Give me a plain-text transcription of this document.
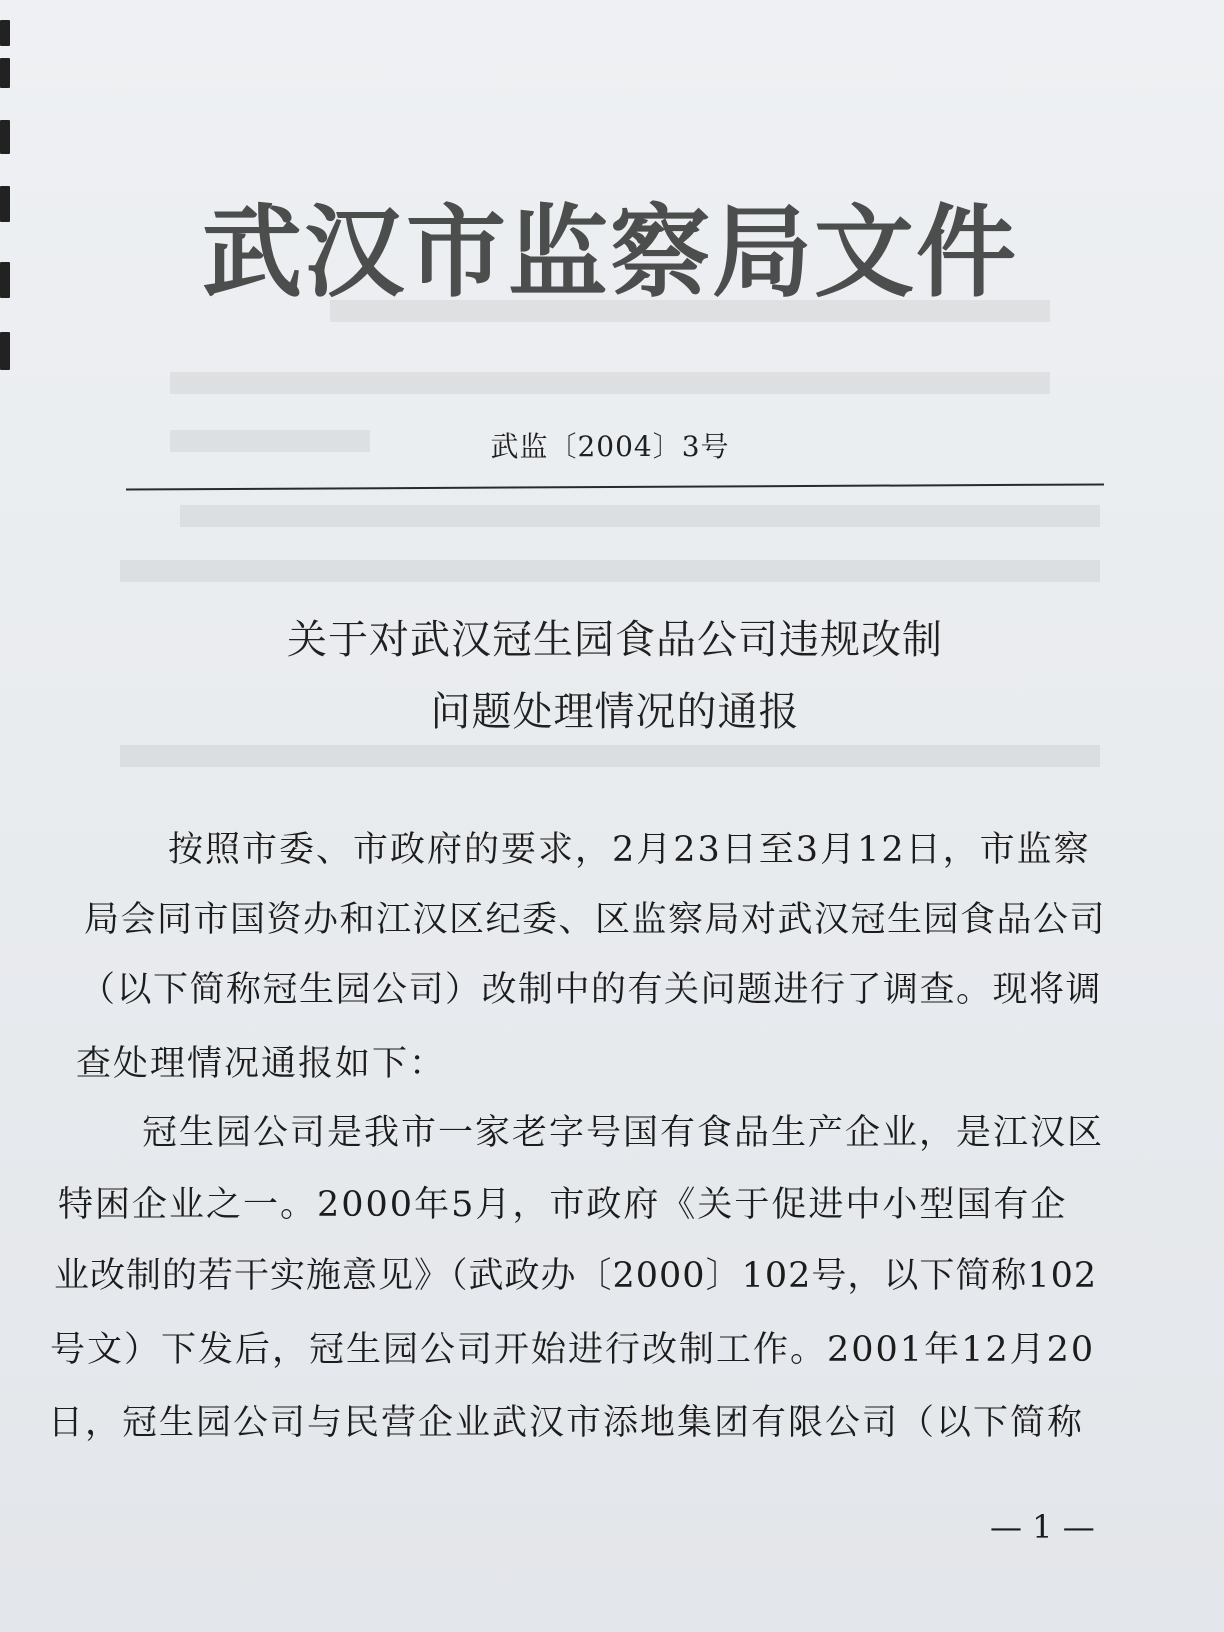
武汉市监察局文件
武监〔2004〕3号
关于对武汉冠生园食品公司违规改制
问题处理情况的通报
按照市委、市政府的要求，2月23日至3月12日，市监察
局会同市国资办和江汉区纪委、区监察局对武汉冠生园食品公司
（以下简称冠生园公司）改制中的有关问题进行了调查。现将调
查处理情况通报如下：
冠生园公司是我市一家老字号国有食品生产企业，是江汉区
特困企业之一。2000年5月，市政府《关于促进中小型国有企
业改制的若干实施意见》（武政办〔2000〕102号，以下简称102
号文）下发后，冠生园公司开始进行改制工作。2001年12月20
日，冠生园公司与民营企业武汉市添地集团有限公司（以下简称
— 1 —
